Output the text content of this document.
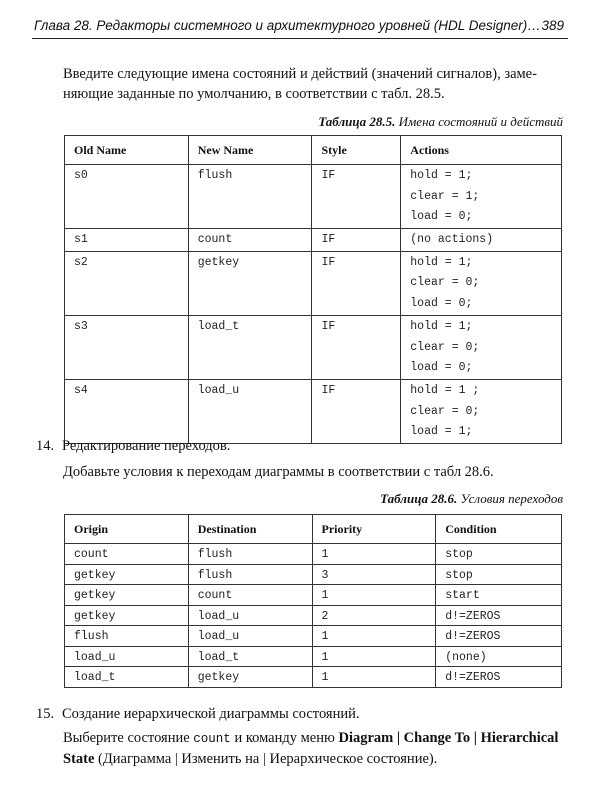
Глава 28. Редакторы системного и архитектурного уровней (HDL Designer)… 389
Введите следующие имена состояний и действий (значений сигналов), заме-
няющие заданные по умолчанию, в соответствии с табл. 28.5.
Таблица 28.5. Имена состояний и действий
Old Name	New Name	Style	Actions

s0	flush	IF	hold = 1;
clear = 1;
load = 0;

s1	count	IF	(no actions)

s2	getkey	IF	hold = 1;
clear = 0;
load = 0;

s3	load_t	IF	hold = 1;
clear = 0;
load = 0;

s4	load_u	IF	hold = 1 ;
clear = 0;
load = 1;
14. Редактирование переходов.
Добавьте условия к переходам диаграммы в соответствии с табл 28.6.
Таблица 28.6. Условия переходов
Origin	Destination	Priority	Condition
count	flush	1	stop
getkey	flush	3	stop
getkey	count	1	start
getkey	load_u	2	d!=ZEROS
flush	load_u	1	d!=ZEROS
load_u	load_t	1	(none)
load_t	getkey	1	d!=ZEROS
15. Создание иерархической диаграммы состояний.
Выберите состояние count и команду меню Diagram | Change To | Hierarchical
State (Диаграмма | Изменить на | Иерархическое состояние).
